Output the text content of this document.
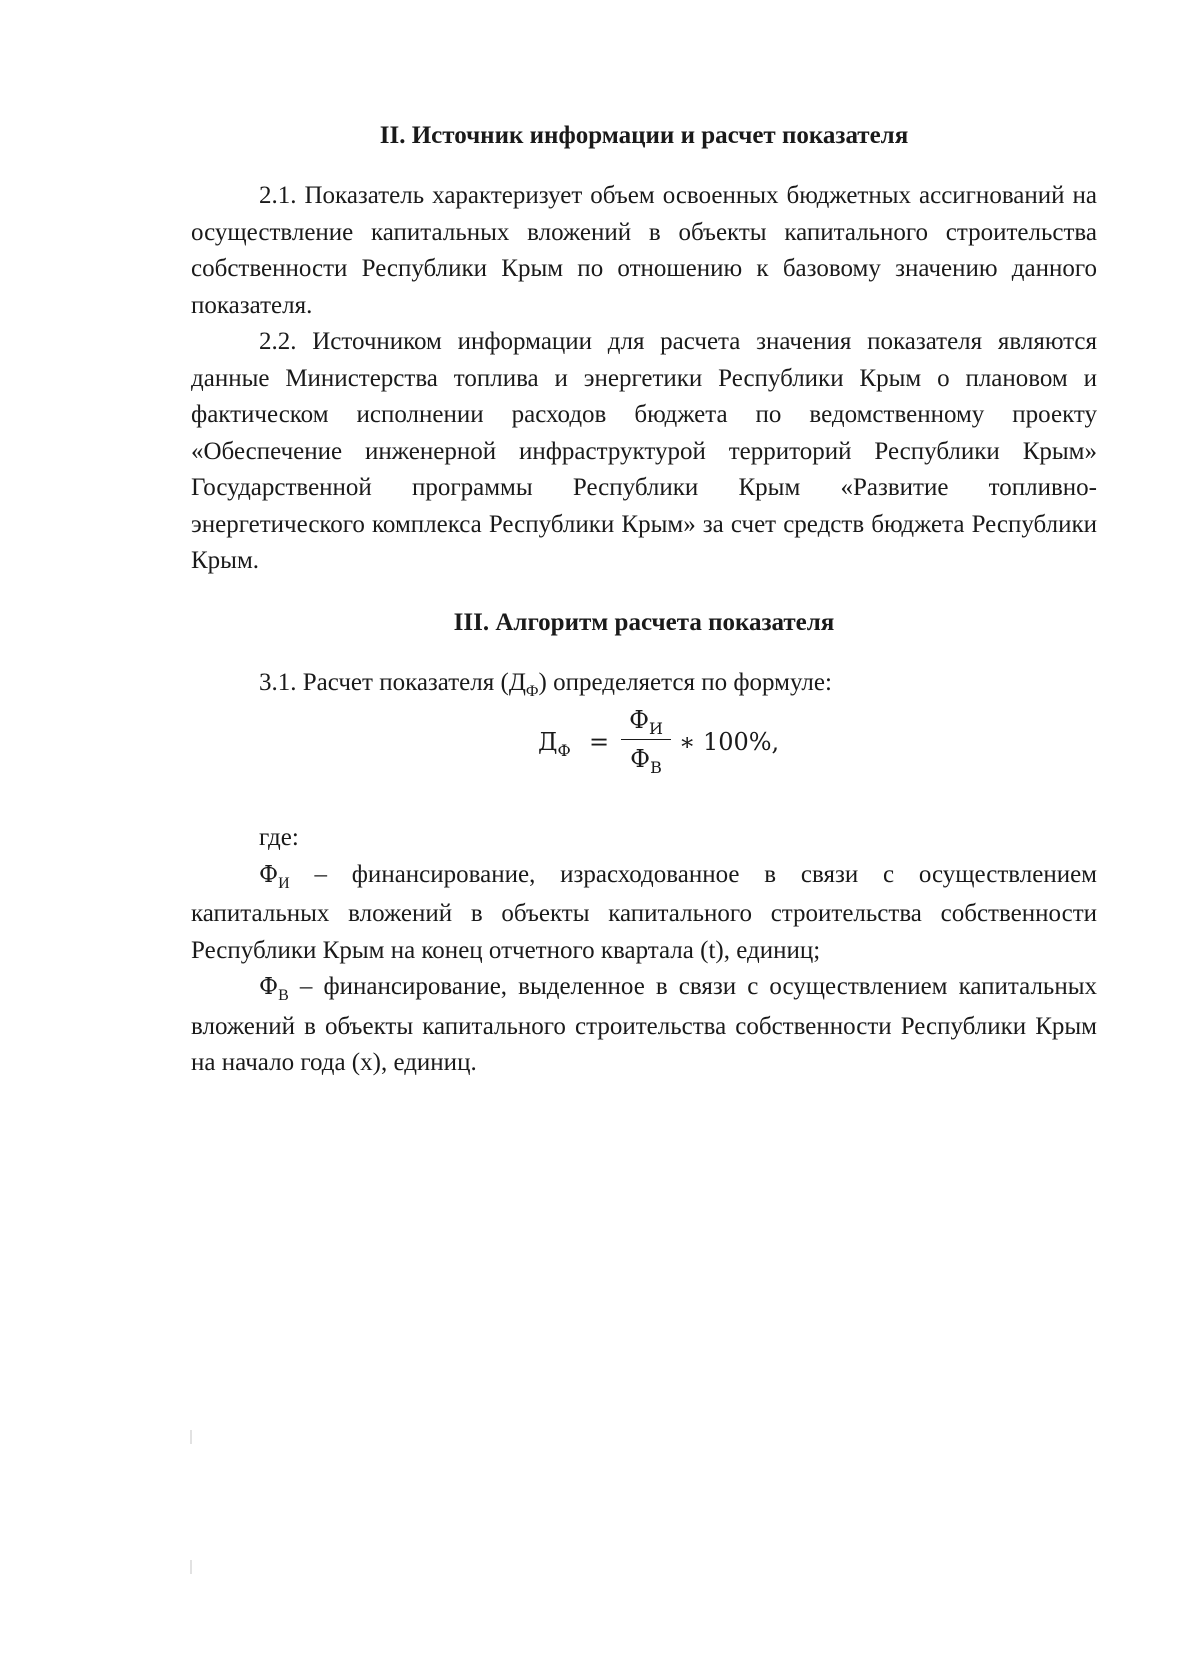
II. Источник информации и расчет показателя

2.1. Показатель характеризует объем освоенных бюджетных ассигнований на осуществление капитальных вложений в объекты капитального строительства собственности Республики Крым по отношению к базовому значению данного показателя.

2.2. Источником информации для расчета значения показателя являются данные Министерства топлива и энергетики Республики Крым о плановом и фактическом исполнении расходов бюджета по ведомственному проекту «Обеспечение инженерной инфраструктурой территорий Республики Крым» Государственной программы Республики Крым «Развитие топливно-энергетического комплекса Республики Крым» за счет средств бюджета Республики Крым.

III. Алгоритм расчета показателя

3.1. Расчет показателя $(Д_Ф)$ определяется по формуле:

$Д_Ф$ =
$Ф_И$
$Ф_В$
∗ 100%,

где:

$Ф_И$ – финансирование, израсходованное в связи с осуществлением капитальных вложений в объекты капитального строительства собственности Республики Крым на конец отчетного квартала (t), единиц;

$Ф_В$ – финансирование, выделенное в связи с осуществлением капитальных вложений в объекты капитального строительства собственности Республики Крым на начало года (x), единиц.
